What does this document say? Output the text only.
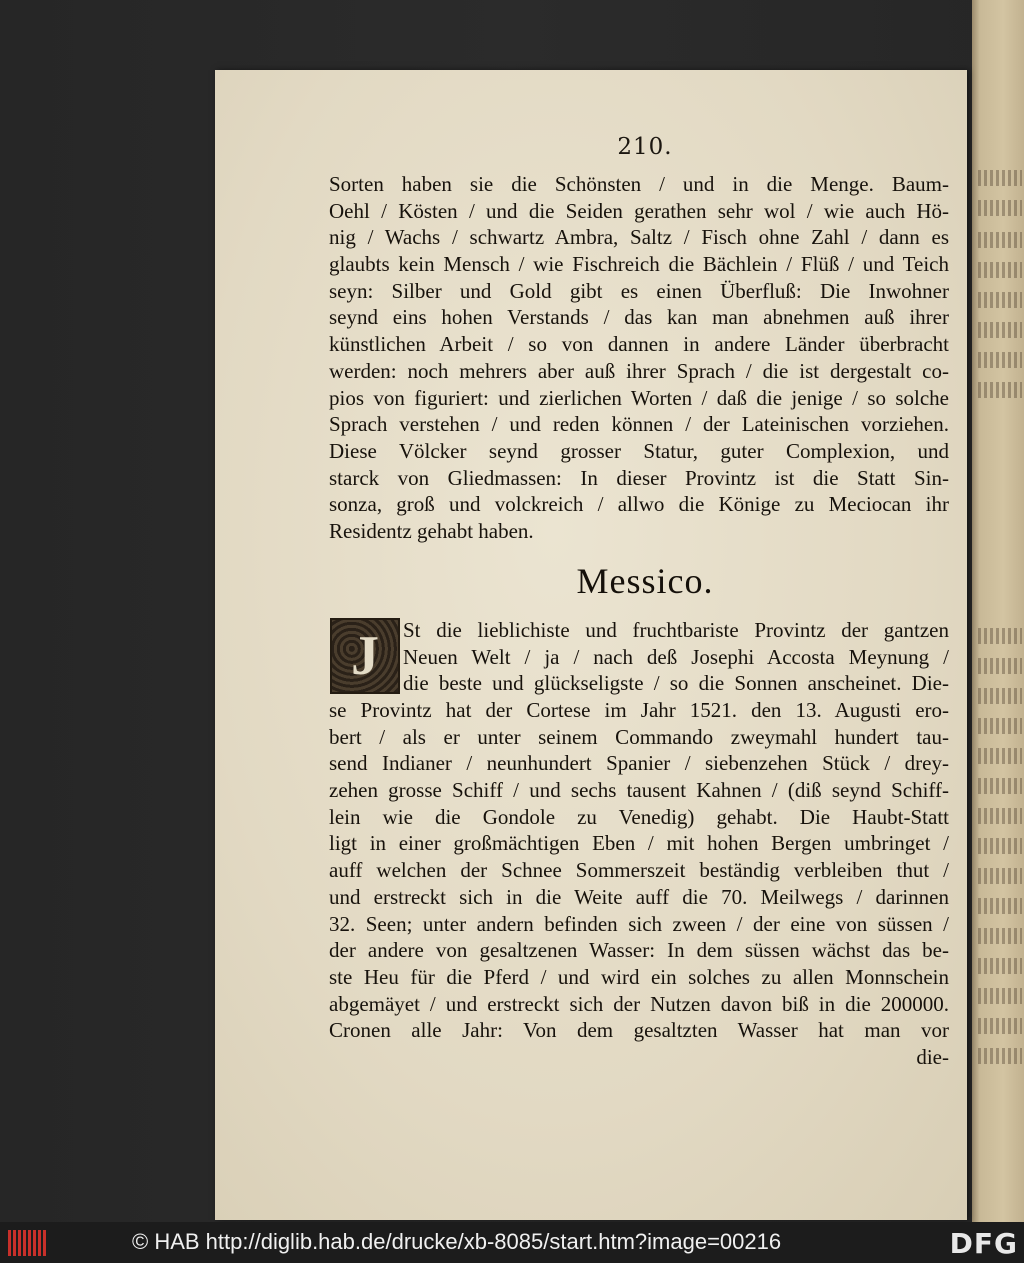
210.
Sorten haben sie die Schönsten / und in die Menge. Baum-
Oehl / Kösten / und die Seiden gerathen sehr wol / wie auch Hö-
nig / Wachs / schwartz Ambra, Saltz / Fisch ohne Zahl / dann es
glaubts kein Mensch / wie Fischreich die Bächlein / Flüß / und Teich
seyn: Silber und Gold gibt es einen Überfluß: Die Inwohner
seynd eins hohen Verstands / das kan man abnehmen auß ihrer
künstlichen Arbeit / so von dannen in andere Länder überbracht
werden: noch mehrers aber auß ihrer Sprach / die ist dergestalt co-
pios von figuriert: und zierlichen Worten / daß die jenige / so solche
Sprach verstehen / und reden können / der Lateinischen vorziehen.
Diese Völcker seynd grosser Statur, guter Complexion, und
starck von Gliedmassen: In dieser Provintz ist die Statt Sin-
sonza, groß und volckreich / allwo die Könige zu Meciocan ihr
Residentz gehabt haben.
Messico.
J	St die lieblichiste und fruchtbariste Provintz der gantzen
Neuen Welt / ja / nach deß Josephi Accosta Meynung /
die beste und glückseligste / so die Sonnen anscheinet. Die-
se Provintz hat der Cortese im Jahr 1521. den 13. Augusti ero-
bert / als er unter seinem Commando zweymahl hundert tau-
send Indianer / neunhundert Spanier / siebenzehen Stück / drey-
zehen grosse Schiff / und sechs tausent Kahnen / (diß seynd Schiff-
lein wie die Gondole zu Venedig) gehabt. Die Haubt-Statt
ligt in einer großmächtigen Eben / mit hohen Bergen umbringet /
auff welchen der Schnee Sommerszeit beständig verbleiben thut /
und erstreckt sich in die Weite auff die 70. Meilwegs / darinnen
32. Seen; unter andern befinden sich zween / der eine von süssen /
der andere von gesaltzenen Wasser: In dem süssen wächst das be-
ste Heu für die Pferd / und wird ein solches zu allen Monnschein
abgemäyet / und erstreckt sich der Nutzen davon biß in die 200000.
Cronen alle Jahr: Von dem gesaltzten Wasser hat man vor
die-
© HAB http://diglib.hab.de/drucke/xb-8085/start.htm?image=00216	DFG
